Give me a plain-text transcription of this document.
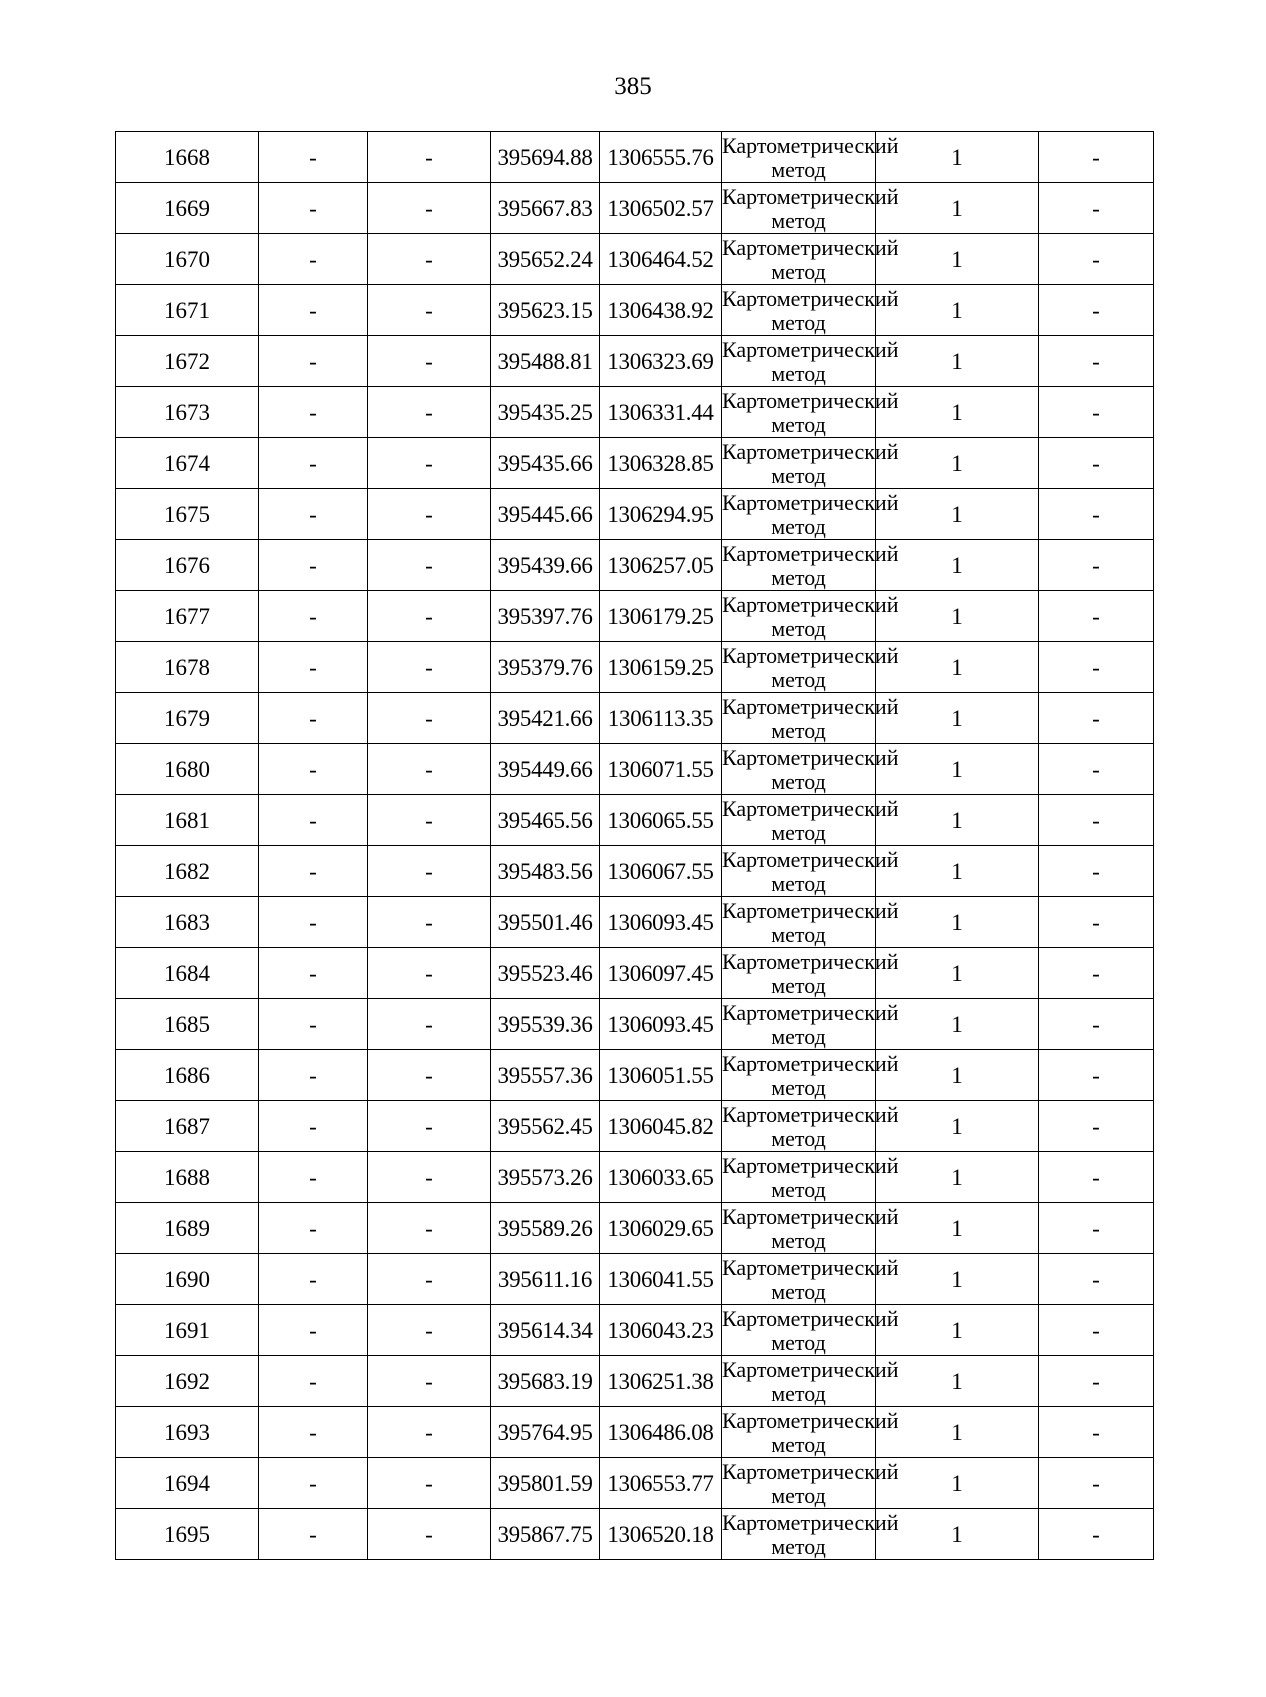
385
1668	-	-	395694.88	1306555.76	Картометрический метод	1	-
1669	-	-	395667.83	1306502.57	Картометрический метод	1	-
1670	-	-	395652.24	1306464.52	Картометрический метод	1	-
1671	-	-	395623.15	1306438.92	Картометрический метод	1	-
1672	-	-	395488.81	1306323.69	Картометрический метод	1	-
1673	-	-	395435.25	1306331.44	Картометрический метод	1	-
1674	-	-	395435.66	1306328.85	Картометрический метод	1	-
1675	-	-	395445.66	1306294.95	Картометрический метод	1	-
1676	-	-	395439.66	1306257.05	Картометрический метод	1	-
1677	-	-	395397.76	1306179.25	Картометрический метод	1	-
1678	-	-	395379.76	1306159.25	Картометрический метод	1	-
1679	-	-	395421.66	1306113.35	Картометрический метод	1	-
1680	-	-	395449.66	1306071.55	Картометрический метод	1	-
1681	-	-	395465.56	1306065.55	Картометрический метод	1	-
1682	-	-	395483.56	1306067.55	Картометрический метод	1	-
1683	-	-	395501.46	1306093.45	Картометрический метод	1	-
1684	-	-	395523.46	1306097.45	Картометрический метод	1	-
1685	-	-	395539.36	1306093.45	Картометрический метод	1	-
1686	-	-	395557.36	1306051.55	Картометрический метод	1	-
1687	-	-	395562.45	1306045.82	Картометрический метод	1	-
1688	-	-	395573.26	1306033.65	Картометрический метод	1	-
1689	-	-	395589.26	1306029.65	Картометрический метод	1	-
1690	-	-	395611.16	1306041.55	Картометрический метод	1	-
1691	-	-	395614.34	1306043.23	Картометрический метод	1	-
1692	-	-	395683.19	1306251.38	Картометрический метод	1	-
1693	-	-	395764.95	1306486.08	Картометрический метод	1	-
1694	-	-	395801.59	1306553.77	Картометрический метод	1	-
1695	-	-	395867.75	1306520.18	Картометрический метод	1	-
